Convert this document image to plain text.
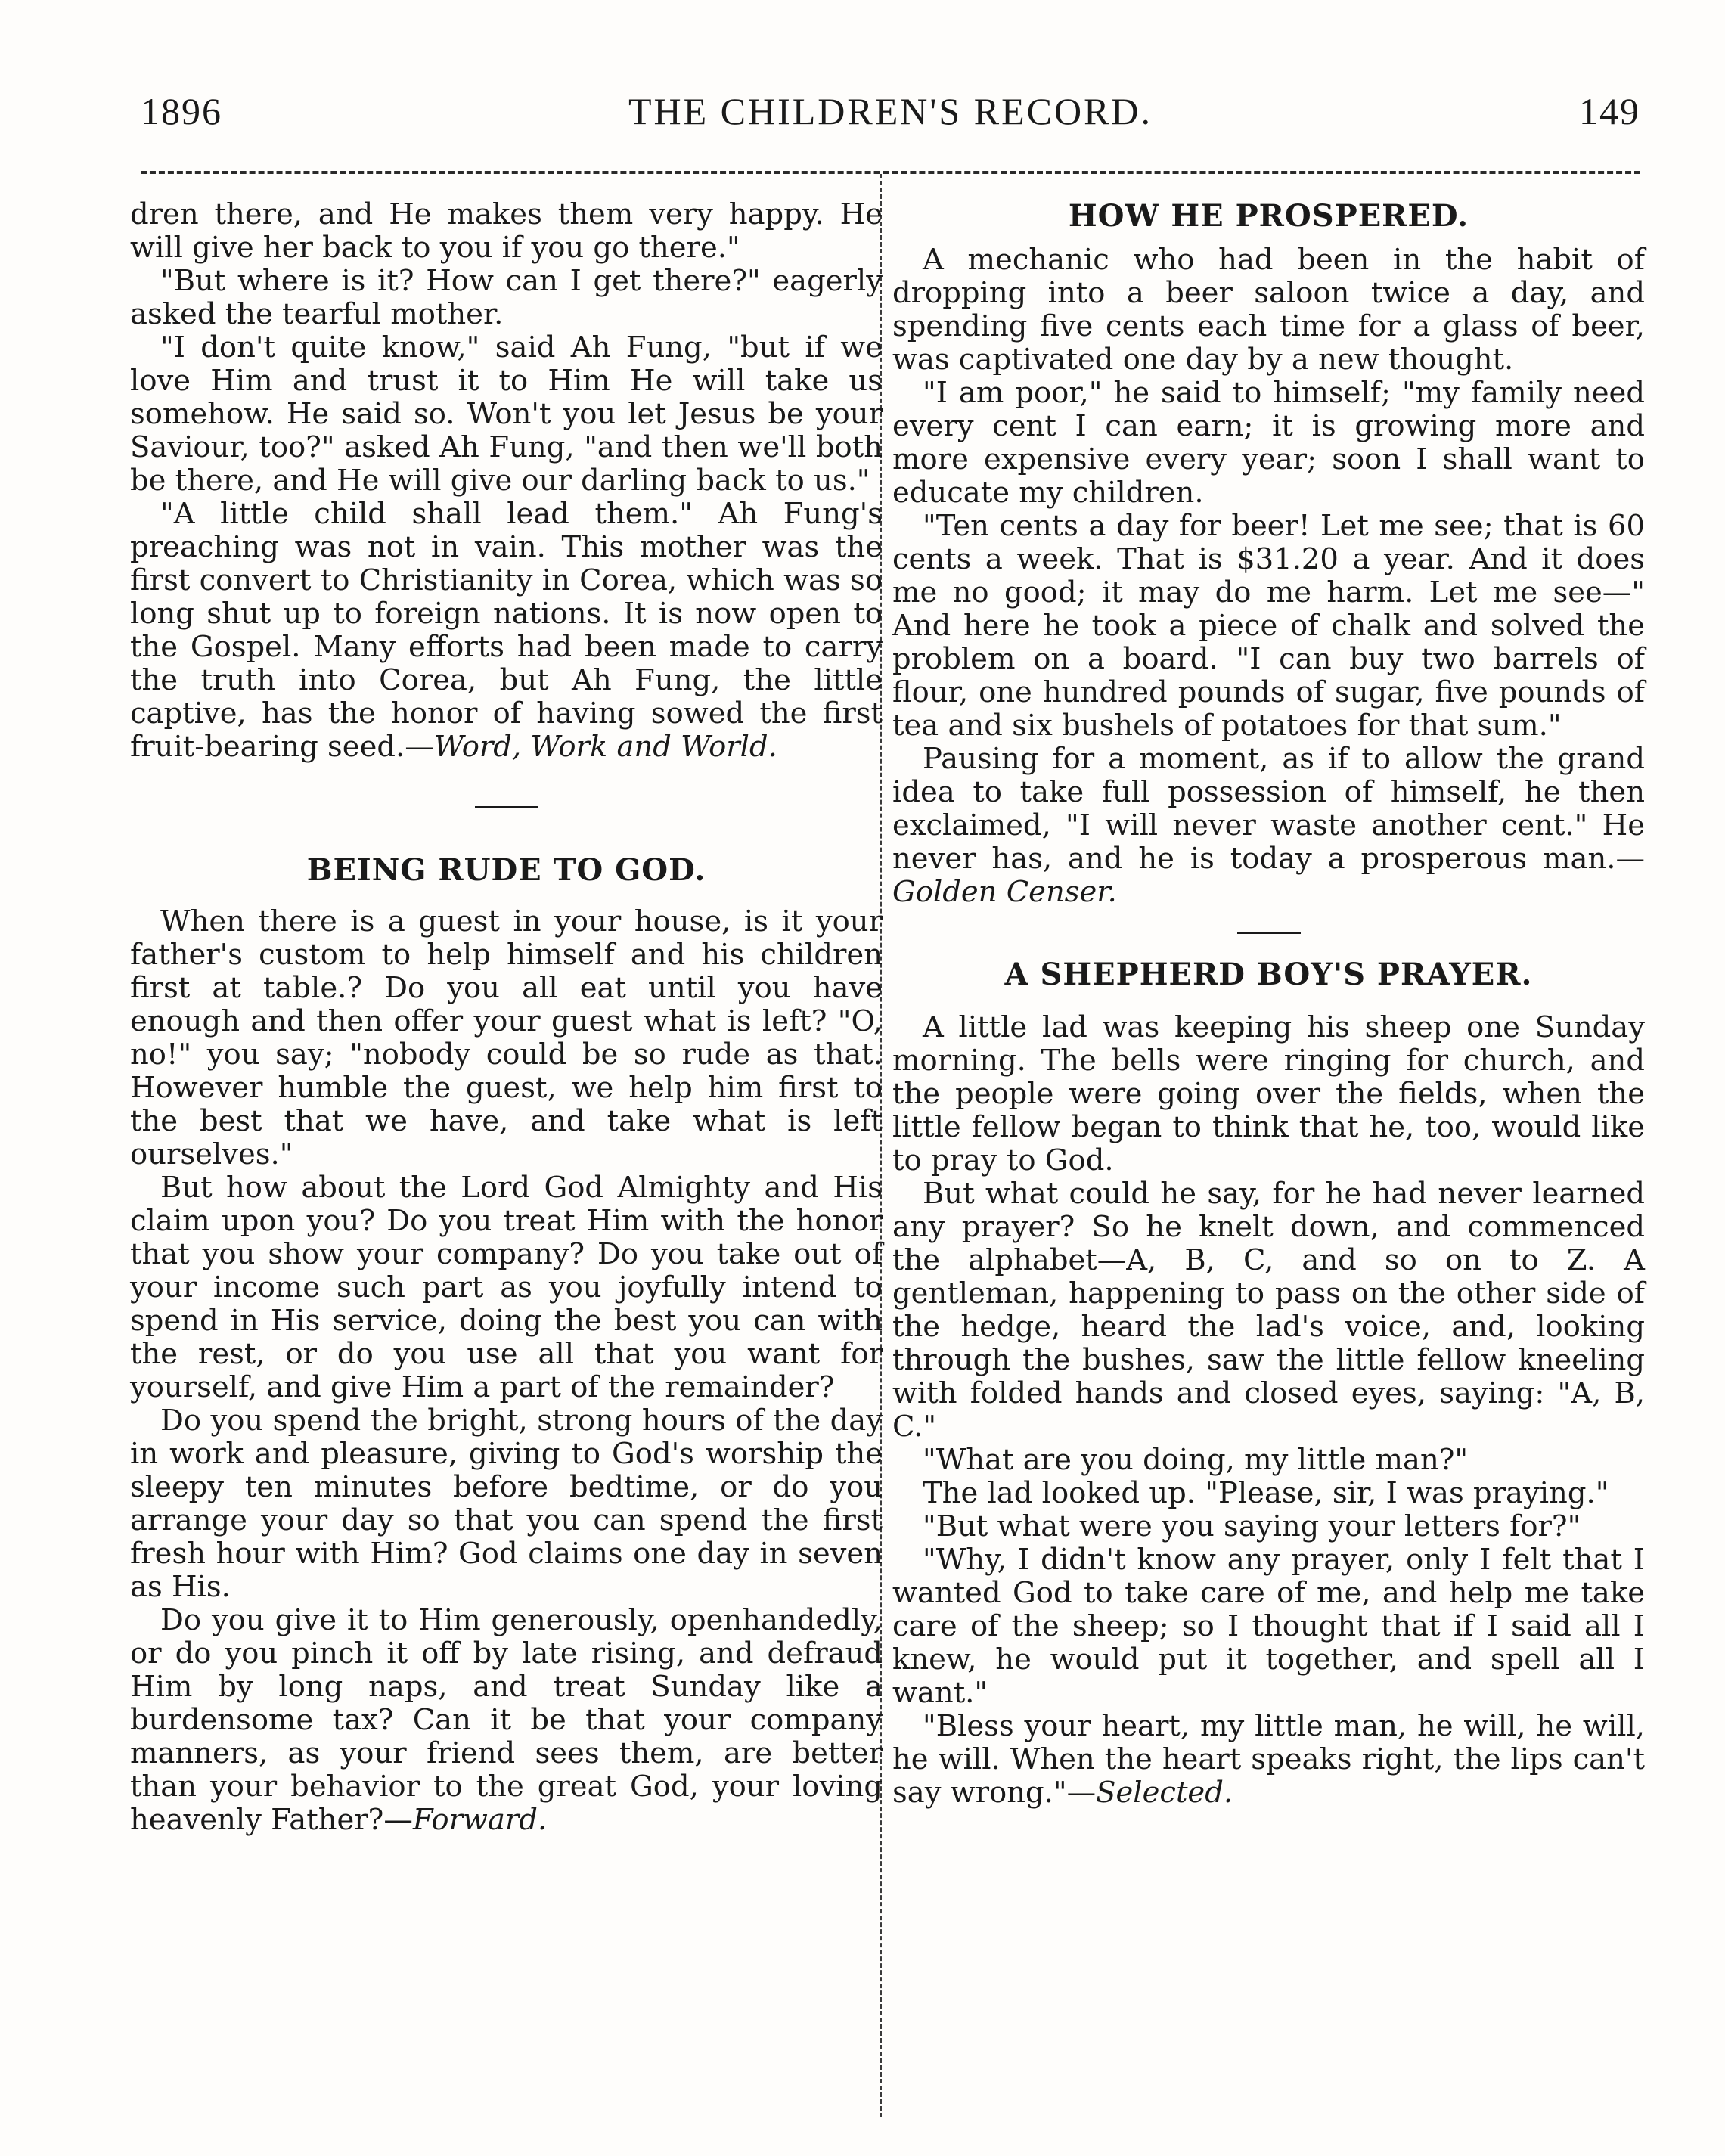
1896	THE CHILDREN'S RECORD.	149

dren there, and He makes them very happy. He will give her back to you if you go there."

"But where is it? How can I get there?" eagerly asked the tearful mother.

"I don't quite know," said Ah Fung, "but if we love Him and trust it to Him He will take us somehow. He said so. Won't you let Jesus be your Saviour, too?" asked Ah Fung, "and then we'll both be there, and He will give our darling back to us."

"A little child shall lead them." Ah Fung's preaching was not in vain. This mother was the first convert to Christianity in Corea, which was so long shut up to foreign nations. It is now open to the Gospel. Many efforts had been made to carry the truth into Corea, but Ah Fung, the little captive, has the honor of having sowed the first fruit-bearing seed.—Word, Work and World.

BEING RUDE TO GOD.

When there is a guest in your house, is it your father's custom to help himself and his children first at table.? Do you all eat until you have enough and then offer your guest what is left? "O, no!" you say; "nobody could be so rude as that. However humble the guest, we help him first to the best that we have, and take what is left ourselves."

But how about the Lord God Almighty and His claim upon you? Do you treat Him with the honor that you show your company? Do you take out of your income such part as you joyfully intend to spend in His service, doing the best you can with the rest, or do you use all that you want for yourself, and give Him a part of the remainder?

Do you spend the bright, strong hours of the day in work and pleasure, giving to God's worship the sleepy ten minutes before bedtime, or do you arrange your day so that you can spend the first fresh hour with Him? God claims one day in seven as His.

Do you give it to Him generously, openhandedly, or do you pinch it off by late rising, and defraud Him by long naps, and treat Sunday like a burdensome tax? Can it be that your company manners, as your friend sees them, are better than your behavior to the great God, your loving heavenly Father?—Forward.

HOW HE PROSPERED.

A mechanic who had been in the habit of dropping into a beer saloon twice a day, and spending five cents each time for a glass of beer, was captivated one day by a new thought.

"I am poor," he said to himself; "my family need every cent I can earn; it is growing more and more expensive every year; soon I shall want to educate my children.

"Ten cents a day for beer! Let me see; that is 60 cents a week. That is $31.20 a year. And it does me no good; it may do me harm. Let me see—" And here he took a piece of chalk and solved the problem on a board. "I can buy two barrels of flour, one hundred pounds of sugar, five pounds of tea and six bushels of potatoes for that sum."

Pausing for a moment, as if to allow the grand idea to take full possession of himself, he then exclaimed, "I will never waste another cent." He never has, and he is today a prosperous man.—Golden Censer.

A SHEPHERD BOY'S PRAYER.

A little lad was keeping his sheep one Sunday morning. The bells were ringing for church, and the people were going over the fields, when the little fellow began to think that he, too, would like to pray to God.

But what could he say, for he had never learned any prayer? So he knelt down, and commenced the alphabet—A, B, C, and so on to Z. A gentleman, happening to pass on the other side of the hedge, heard the lad's voice, and, looking through the bushes, saw the little fellow kneeling with folded hands and closed eyes, saying: "A, B, C."

"What are you doing, my little man?"

The lad looked up. "Please, sir, I was praying."

"But what were you saying your letters for?"

"Why, I didn't know any prayer, only I felt that I wanted God to take care of me, and help me take care of the sheep; so I thought that if I said all I knew, he would put it together, and spell all I want."

"Bless your heart, my little man, he will, he will, he will. When the heart speaks right, the lips can't say wrong."—Selected.
